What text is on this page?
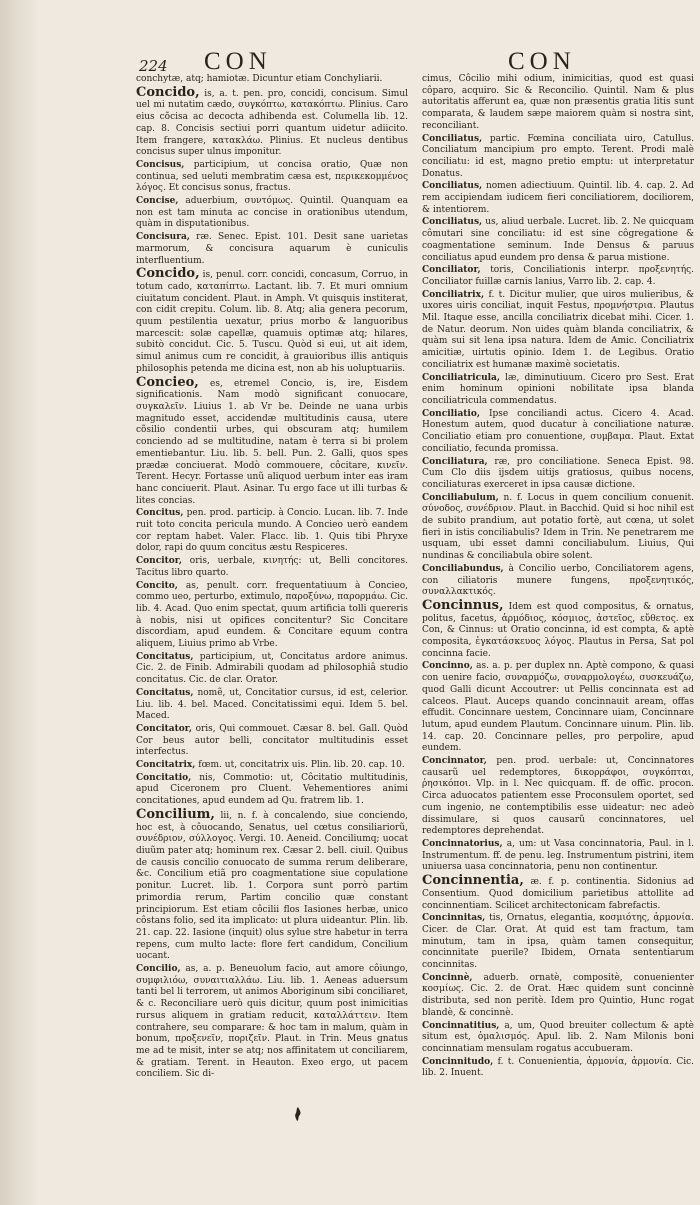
224 CON	CON

conchytæ, atq; hamiotæ. Dicuntur etiam Conchyliarii.

Concido, is, a. t. pen. pro, concidi, concisum. Simul uel mi nutatim cædo, συγκόπτω, κατακόπτω. Plinius. Caro eius cõcisa ac decocta adhibenda est. Columella lib. 12. cap. 8. Concisis sectiui porri quantum uidetur adiicito. Item frangere, κατακλάω. Plinius. Et nucleus dentibus concisus super ulnus imponitur.

Concisus, participium, ut concisa oratio, Quæ non continua, sed ueluti membratim cæsa est, περικεκομμένος λόγος. Et concisus sonus, fractus.

Concise, aduerbium, συντόμως. Quintil. Quanquam ea non est tam minuta ac concise in orationibus utendum, quàm in disputationibus.

Concisura, ræ. Senec. Epist. 101. Desit sane uarietas marmorum, & concisura aquarum è cuniculis interfluentium.

Concido, is, penul. corr. concidi, concasum, Corruo, in totum cado, καταπίπτω. Lactant. lib. 7. Et muri omnium ciuitatum concident. Plaut. in Amph. Vt quisquis institerat, con cidit crepitu. Colum. lib. 8. Atq; alia genera pecorum, quum pestilentia uexatur, prius morbo & languoribus marcescit: solæ capellæ, quamuis optimæ atq; hilares, subitò concidut. Cic. 5. Tuscu. Quòd si eui, ut ait idem, simul animus cum re concidit, à grauioribus illis antiquis philosophis petenda me dicina est, non ab his uoluptuariis.

Concieo, es, etremel Concio, is, ire, Eisdem significationis. Nam modò significant conuocare, συγκαλεῖν. Liuius 1. ab Vr be. Deinde ne uana urbis magnitudo esset, accidendæ multitudinis causa, utere cõsilio condentii urbes, qui obscuram atq; humilem conciendo ad se multitudine, natam è terra si bi prolem ementiebantur. Liu. lib. 5. bell. Pun. 2. Galli, quos spes prædæ conciuerat. Modò commouere, côcitare, κινεῖν. Terent. Hecyr. Fortasse unũ aliquod uerbum inter eas iram hanc conciuerit. Plaut. Asinar. Tu ergo face ut illi turbas & lites concias.

Concitus, pen. prod. particip. à Concio. Lucan. lib. 7. Inde ruit toto concita pericula mundo. A Concieo uerò eandem cor reptam habet. Valer. Flacc. lib. 1. Quis tibi Phryxe dolor, rapi do quum concitus æstu Respiceres.

Concitor, oris, uerbale, κινητής: ut, Belli concitores. Tacitus libro quarto.

Concito, as, penult. corr. frequentatiuum à Concieo, commo ueo, perturbo, extimulo, παροξύνω, παρορμάω. Cic. lib. 4. Acad. Quo enim spectat, quum artificia tolli quereris à nobis, nisi ut opifices concitentur? Sic Concitare discordiam, apud eundem. & Concitare equum contra aliquem, Liuius primo ab Vrbe.

Concitatus, participium, ut, Concitatus ardore animus. Cic. 2. de Finib. Admirabili quodam ad philosophiâ studio concitatus. Cic. de clar. Orator.

Concitatus, nomẽ, ut, Concitatior cursus, id est, celerior. Liu. lib. 4. bel. Maced. Concitatissimi equi. Idem 5. bel. Maced.

Concitator, oris, Qui commouet. Cæsar 8. bel. Gall. Quòd Cor beus autor belli, concitator multitudinis esset interfectus.

Concitatrix, fœm. ut, concitatrix uis. Plin. lib. 20. cap. 10.

Concitatio, nis, Commotio: ut, Côcitatio multitudinis, apud Ciceronem pro Cluent. Vehementiores animi concitationes, apud eundem ad Qu. fratrem lib. 1.

Concilium, lii, n. f. à concalendo, siue conciendo, hoc est, à côuocando, Senatus, uel cœtus consiliariorũ, συνέδριον, σύλλογος. Vergi. 10. Aeneid. Conciliumq; uocat diuũm pater atq; hominum rex. Cæsar 2. bell. ciuil. Quibus de causis concilio conuocato de summa rerum deliberare, &c. Concilium etiã pro coagmentatione siue copulatione ponitur. Lucret. lib. 1. Corpora sunt porrò partim primordia rerum, Partim concilio quæ constant principiorum. Est etiam côcilii flos Iasiones herbæ, unico côstans folio, sed ita implicato: ut plura uideantur. Plin. lib. 21. cap. 22. Iasione (inquit) olus sylue stre habetur in terra repens, cum multo lacte: flore fert candidum, Concilium uocant.

Concilio, as, a. p. Beneuolum facio, aut amore côiungo, συμφιλιόω, συναιτιαλλάω. Liu. lib. 1. Aeneas aduersum tanti bel li terrorem, ut animos Aboriginum sibi conciliaret, & c. Reconciliare uerò quis dicitur, quum post inimicitias rursus aliquem in gratiam reducit, καταλλάττειν. Item contrahere, seu comparare: & hoc tam in malum, quàm in bonum, προξενεῖν, ποριζεῖν. Plaut. in Trin. Meus gnatus me ad te misit, inter se atq; nos affinitatem ut conciliarem, & gratiam. Terent. in Heauton. Exeo ergo, ut pacem conciliem. Sic di-

cimus, Côcilio mihi odium, inimicitias, quod est quasi côparo, acquiro. Sic & Reconcilio. Quintil. Nam & plus autoritatis afferunt ea, quæ non præsentis gratia litis sunt comparata, & laudem sæpe maiorem quàm si nostra sint, reconciliant.

Conciliatus, partic. Fœmina conciliata uiro, Catullus. Conciliatum mancipium pro empto. Terent. Prodi malè conciliatu: id est, magno pretio emptu: ut interpretatur Donatus.

Conciliatus, nomen adiectiuum. Quintil. lib. 4. cap. 2. Ad rem accipiendam iudicem fieri conciliatiorem, dociliorem, & intentiorem.

Conciliatus, us, aliud uerbale. Lucret. lib. 2. Ne quicquam cômutari sine conciliatu: id est sine côgregatione & coagmentatione seminum. Inde Densus & paruus conciliatus apud eundem pro densa & parua mistione.

Conciliator, toris, Conciliationis interpr. προξενητής. Conciliator fuillæ carnis lanius, Varro lib. 2. cap. 4.

Conciliatrix, f. t. Dicitur mulier, que uiros mulieribus, & uxores uiris conciliat, inquit Festus, προμνήστρια. Plautus Mil. Itaque esse, ancilla conciliatrix dicebat mihi. Cicer. 1. de Natur. deorum. Non uides quàm blanda conciliatrix, & quàm sui sit lena ipsa natura. Idem de Amic. Conciliatrix amicitiæ, uirtutis opinio. Idem 1. de Legibus. Oratio conciliatrix est humanæ maximè societatis.

Conciliatricula, læ, diminutiuum. Cicero pro Sest. Erat enim hominum opinioni nobilitate ipsa blanda conciliatricula commendatus.

Conciliatio, Ipse conciliandi actus. Cicero 4. Acad. Honestum autem, quod ducatur à conciliatione naturæ. Conciliatio etiam pro conuentione, συμβαμα. Plaut. Extat conciliatio, fecunda promissa.

Conciliatura, ræ, pro conciliatione. Seneca Epist. 98. Cum Clo diis ijsdem uitijs gratiosus, quibus nocens, conciliaturas exerceret in ipsa causæ dictione.

Conciliabulum, n. f. Locus in quem concilium conuenit. σύνοδος, συνέδριον. Plaut. in Bacchid. Quid si hoc nihil est de subito prandium, aut potatio fortè, aut cœna, ut solet fieri in istis conciliabulis? Idem in Trin. Ne penetrarem me usquam, ubi esset damni conciliabulum. Liuius, Qui nundinas & conciliabula obire solent.

Conciliabundus, à Concilio uerbo, Conciliatorem agens, con ciliatoris munere fungens, προξενητικός, συναλλακτικός.

Concinnus, Idem est quod compositus, & ornatus, politus, facetus, ἁρμόδιος, κόσμιος, ἀστεῖος, εὔθετος. ex Con, & Cinnus: ut Oratio concinna, id est compta, & aptè composita, ἐγκατάσκευος λόγος. Plautus in Persa, Sat pol concinna facie.

Concinno, as. a. p. per duplex nn. Aptè compono, & quasi con uenire facio, συναρμόζω, συναρμολογέω, συσκευάζω, quod Galli dicunt Accoutrer: ut Pellis concinnata est ad calceos. Plaut. Auceps quando concinnauit aream, offas effudit. Concinnare uestem, Concinnare uiam, Concinnare lutum, apud eundem Plautum. Concinnare uinum. Plin. lib. 14. cap. 20. Concinnare pelles, pro perpolire, apud eundem.

Concinnator, pen. prod. uerbale: ut, Concinnatores causarũ uel redemptores, δικορράφοι, συγκόπται, ῥησικόποι. Vlp. in l. Nec quicquam. ff. de offic. procon. Circa aduocatos patientem esse Proconsulem oportet, sed cum ingenio, ne contemptibilis esse uideatur: nec adeò dissimulare, si quos causarũ concinnatores, uel redemptores deprehendat.

Concinnatorius, a, um: ut Vasa concinnatoria, Paul. in l. Instrumentum. ff. de penu. leg. Instrumentum pistrini, item uniuersa uasa concinnatoria, penu non continentur.

Concinnentia, æ. f. p. continentia. Sidonius ad Consentium. Quod domicilium parietibus attollite ad concinnentiam. Scilicet architectonicam fabrefactis.

Concinnitas, tis, Ornatus, elegantia, κοσμιότης, ἁρμονία. Cicer. de Clar. Orat. At quid est tam fractum, tam minutum, tam in ipsa, quàm tamen consequitur, concinnitate puerile? Ibidem, Ornata sententiarum concinnitas.

Concinnè, aduerb. ornatè, compositè, conuenienter κοσμίως. Cic. 2. de Orat. Hæc quidem sunt concinnè distributa, sed non peritè. Idem pro Quintio, Hunc rogat blandè, & concinnè.

Concinnatitius, a, um, Quod breuiter collectum & aptè situm est, ὁμαλισμός. Apul. lib. 2. Nam Milonis boni concinnatiam mensulam rogatus accubueram.

Concinnitudo, f. t. Conuenientia, ἁρμονία, ἁρμονία. Cic. lib. 2. Inuent.
